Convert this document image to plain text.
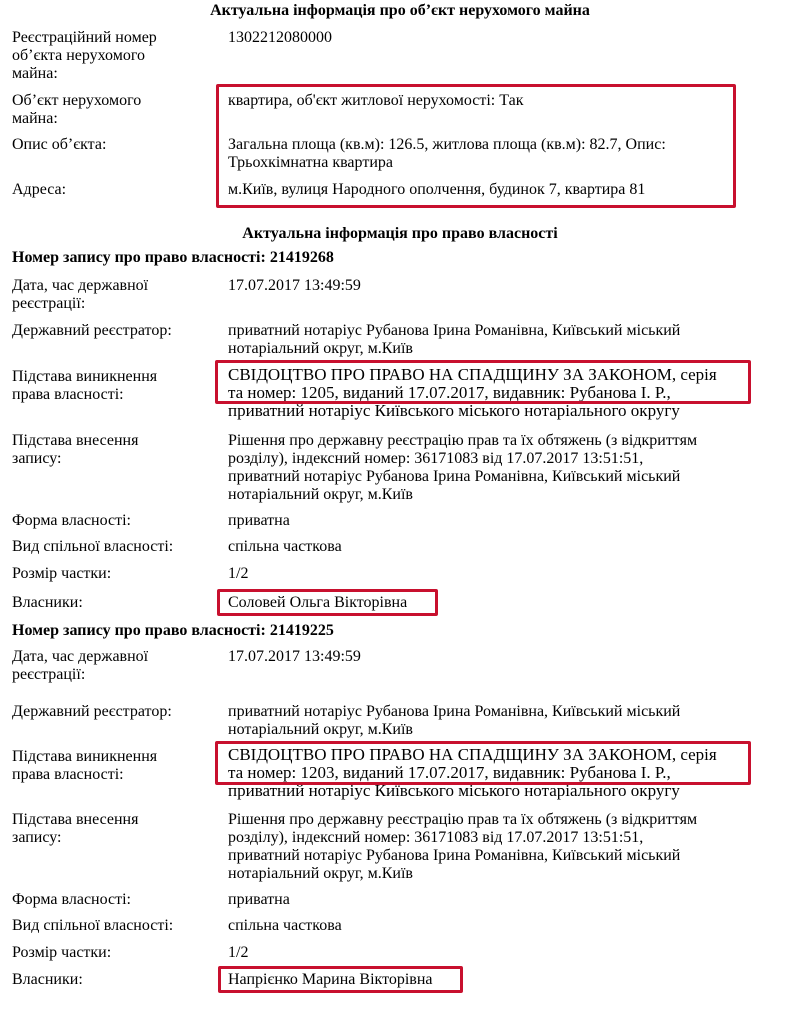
Актуальна інформація про об’єкт нерухомого майна
Реєстраційний номер
об’єкта нерухомого
майна:
1302212080000
Об’єкт нерухомого
майна:
квартира, об'єкт житлової нерухомості: Так
Опис об’єкта:	Загальна площа (кв.м): 126.5, житлова площа (кв.м): 82.7, Опис:
Трьохкімнатна квартира
Адреса:	м.Київ, вулиця Народного ополчення, будинок 7, квартира 81
Актуальна інформація про право власності
Номер запису про право власності: 21419268
Дата, час державної
реєстрації:
17.07.2017 13:49:59
Державний реєстратор:	приватний нотаріус Рубанова Ірина Романівна, Київський міський
нотаріальний округ, м.Київ
Підстава виникнення
права власності:
СВІДОЦТВО ПРО ПРАВО НА СПАДЩИНУ ЗА ЗАКОНОМ, серія
та номер: 1205, виданий 17.07.2017, видавник: Рубанова І. Р.,
приватний нотаріус Київського міського нотаріального округу
Підстава внесення
запису:
Рішення про державну реєстрацію прав та їх обтяжень (з відкриттям
розділу), індексний номер: 36171083 від 17.07.2017 13:51:51,
приватний нотаріус Рубанова Ірина Романівна, Київський міський
нотаріальний округ, м.Київ
Форма власності:	приватна
Вид спільної власності:	спільна часткова
Розмір частки:	1/2
Власники:	Соловей Ольга Вікторівна
Номер запису про право власності: 21419225
Дата, час державної
реєстрації:
17.07.2017 13:49:59
Державний реєстратор:	приватний нотаріус Рубанова Ірина Романівна, Київський міський
нотаріальний округ, м.Київ
Підстава виникнення
права власності:
СВІДОЦТВО ПРО ПРАВО НА СПАДЩИНУ ЗА ЗАКОНОМ, серія
та номер: 1203, виданий 17.07.2017, видавник: Рубанова І. Р.,
приватний нотаріус Київського міського нотаріального округу
Підстава внесення
запису:
Рішення про державну реєстрацію прав та їх обтяжень (з відкриттям
розділу), індексний номер: 36171083 від 17.07.2017 13:51:51,
приватний нотаріус Рубанова Ірина Романівна, Київський міський
нотаріальний округ, м.Київ
Форма власності:	приватна
Вид спільної власності:	спільна часткова
Розмір частки:	1/2
Власники:	Напрієнко Марина Вікторівна
